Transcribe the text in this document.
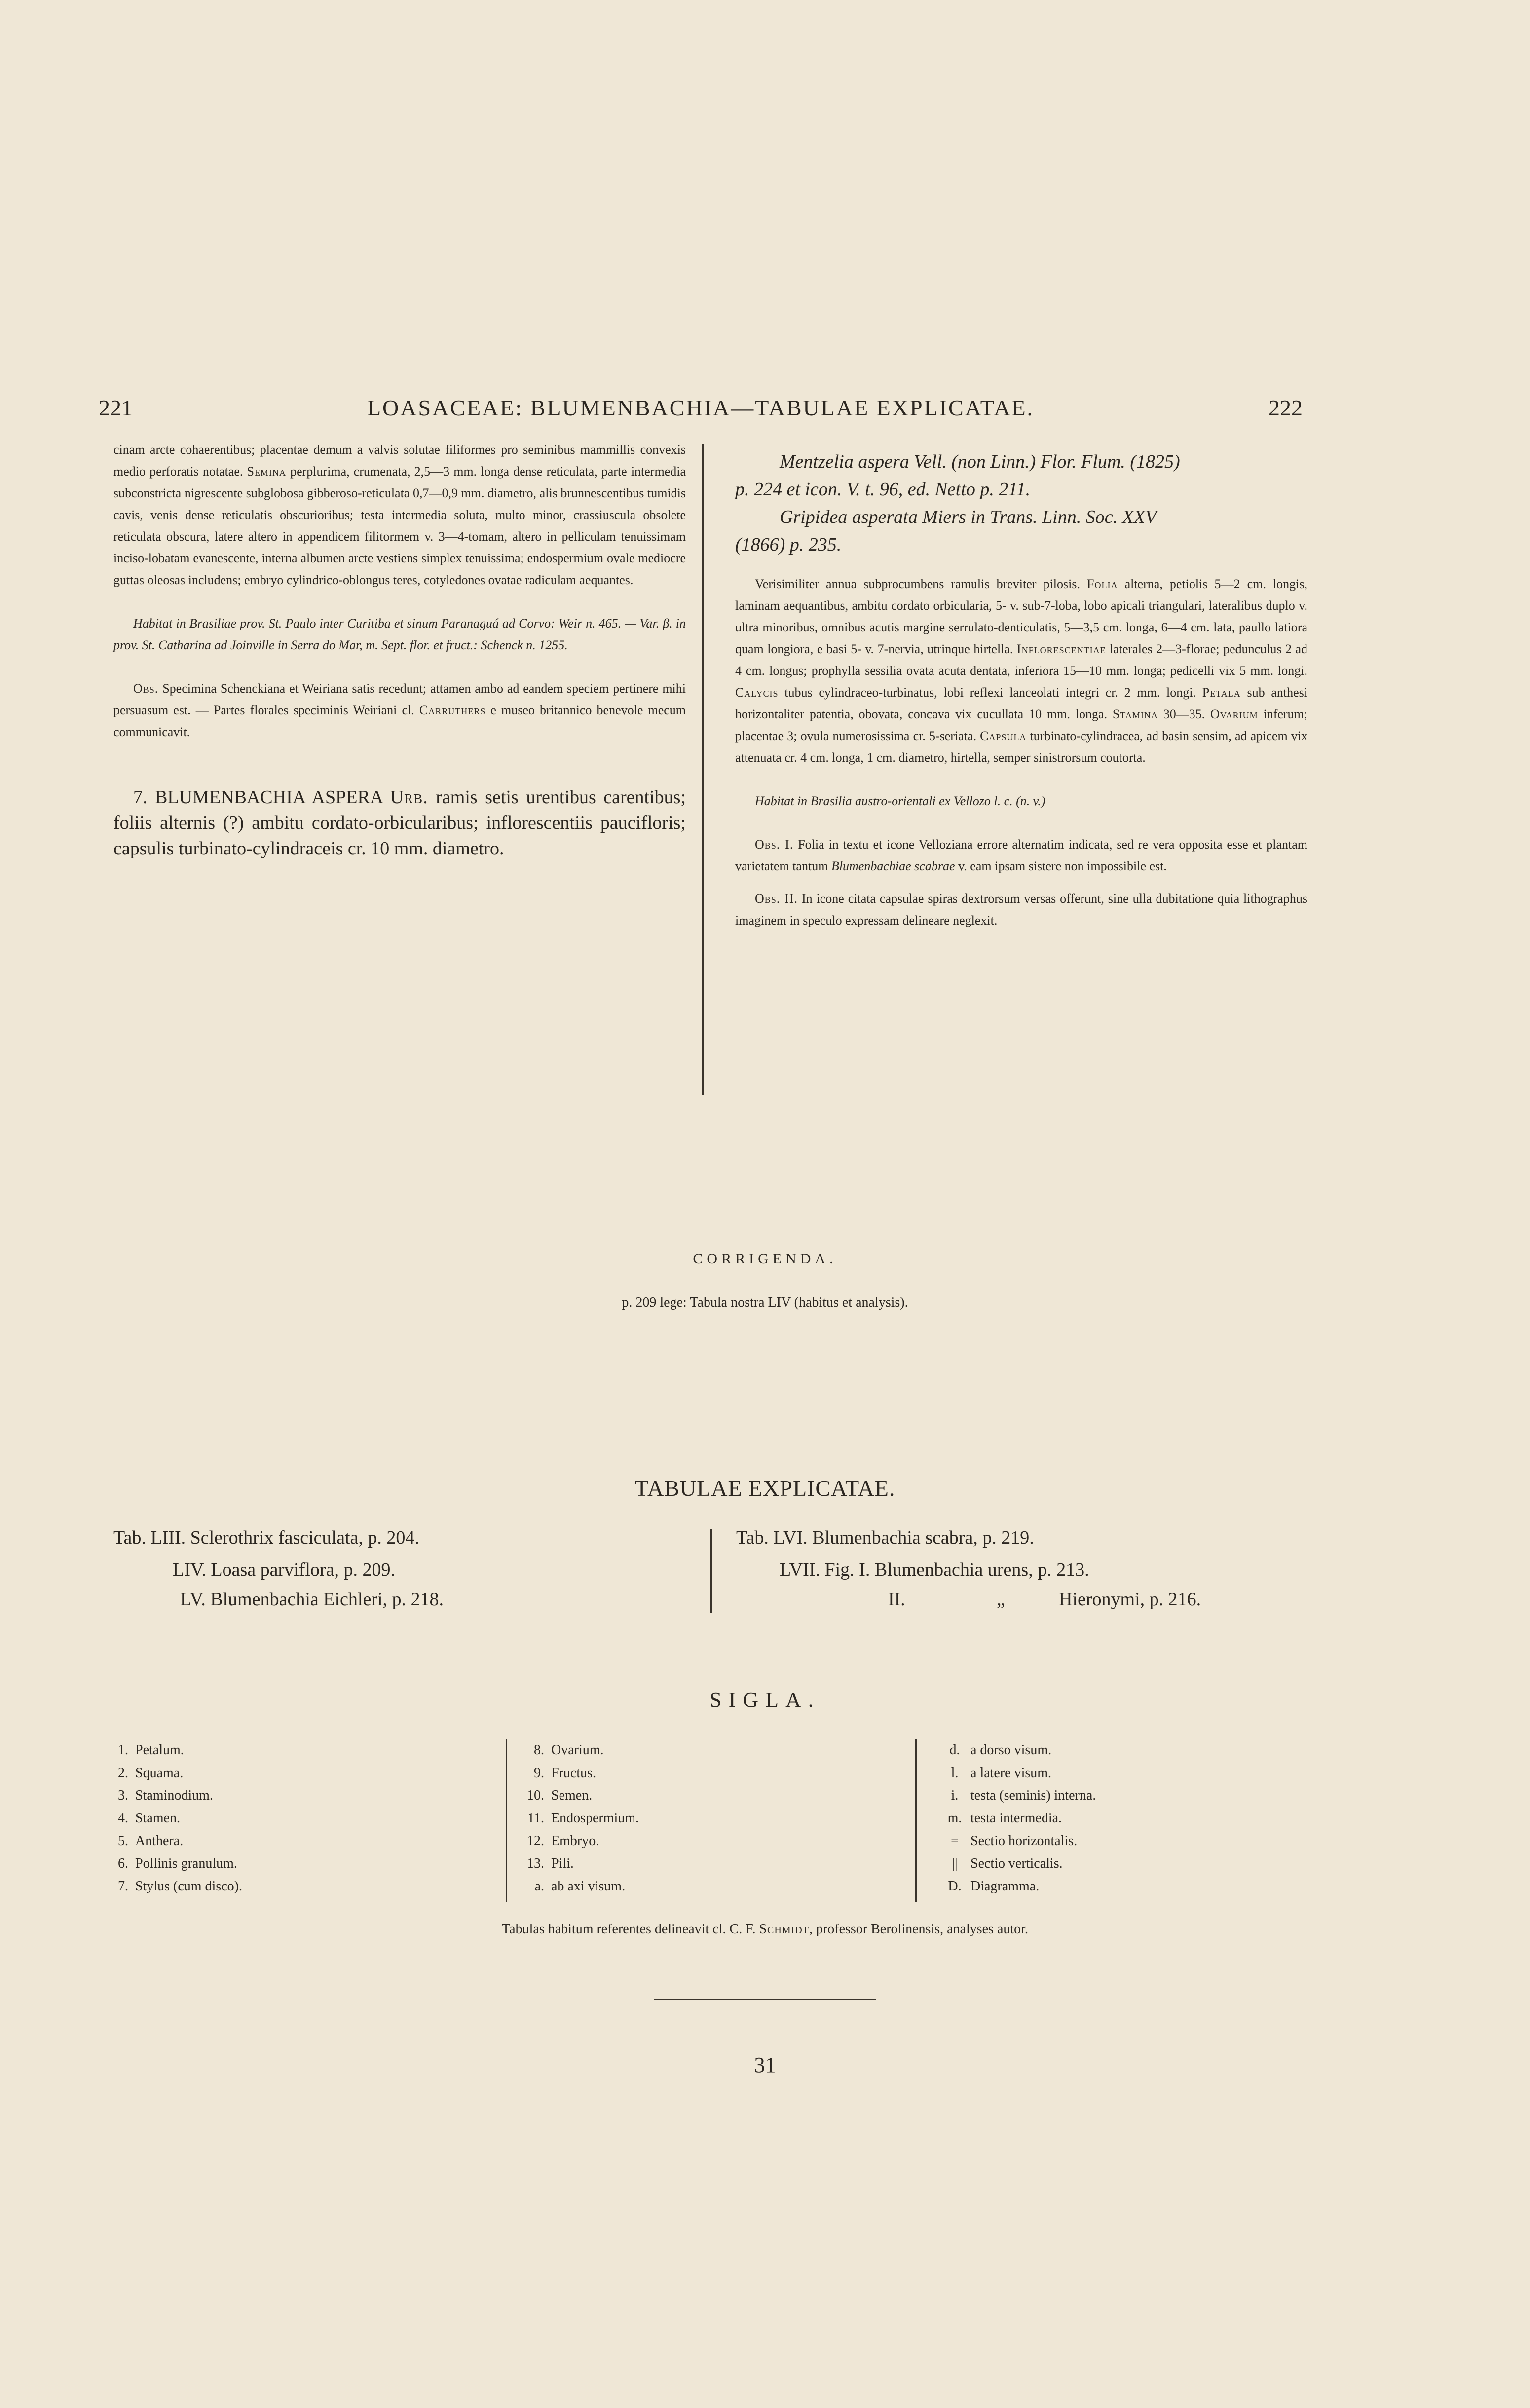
221	LOASACEAE: BLUMENBACHIA—TABULAE EXPLICATAE.	222

cinam arcte cohaerentibus; placentae demum a valvis solutae filiformes pro seminibus mammillis convexis medio perforatis notatae. Semina perplurima, crumenata, 2,5—3 mm. longa dense reticulata, parte intermedia subconstricta nigrescente subglobosa gibberoso-reticulata 0,7—0,9 mm. diametro, alis brunnescentibus tumidis cavis, venis dense reticulatis obscurioribus; testa intermedia soluta, multo minor, crassiuscula obsolete reticulata obscura, latere altero in appendicem filitormem v. 3—4-tomam, altero in pelliculam tenuissimam inciso-lobatam evanescente, interna albumen arcte vestiens simplex tenuissima; endospermium ovale mediocre guttas oleosas includens; embryo cylindrico-oblongus teres, cotyledones ovatae radiculam aequantes.

Habitat in Brasiliae prov. St. Paulo inter Curitiba et sinum Paranaguá ad Corvo: Weir n. 465. — Var. β. in prov. St. Catharina ad Joinville in Serra do Mar, m. Sept. flor. et fruct.: Schenck n. 1255.

Obs. Specimina Schenckiana et Weiriana satis recedunt; attamen ambo ad eandem speciem pertinere mihi persuasum est. — Partes florales speciminis Weiriani cl. Carruthers e museo britannico benevole mecum communicavit.

7. BLUMENBACHIA ASPERA Urb. ramis setis urentibus carentibus; foliis alternis (?) ambitu cordato-orbicularibus; inflorescentiis paucifloris; capsulis turbinato-cylindraceis cr. 10 mm. diametro.

Mentzelia aspera Vell. (non Linn.) Flor. Flum. (1825)
p. 224 et icon. V. t. 96, ed. Netto p. 211.
Gripidea asperata Miers in Trans. Linn. Soc. XXV
(1866) p. 235.

Verisimiliter annua subprocumbens ramulis breviter pilosis. Folia alterna, petiolis 5—2 cm. longis, laminam aequantibus, ambitu cordato orbicularia, 5- v. sub-7-loba, lobo apicali triangulari, lateralibus duplo v. ultra minoribus, omnibus acutis margine serrulato-denticulatis, 5—3,5 cm. longa, 6—4 cm. lata, paullo latiora quam longiora, e basi 5- v. 7-nervia, utrinque hirtella. Inflorescentiae laterales 2—3-florae; pedunculus 2 ad 4 cm. longus; prophylla sessilia ovata acuta dentata, inferiora 15—10 mm. longa; pedicelli vix 5 mm. longi. Calycis tubus cylindraceo-turbinatus, lobi reflexi lanceolati integri cr. 2 mm. longi. Petala sub anthesi horizontaliter patentia, obovata, concava vix cucullata 10 mm. longa. Stamina 30—35. Ovarium inferum; placentae 3; ovula numerosissima cr. 5-seriata. Capsula turbinato-cylindracea, ad basin sensim, ad apicem vix attenuata cr. 4 cm. longa, 1 cm. diametro, hirtella, semper sinistrorsum coutorta.

Habitat in Brasilia austro-orientali ex Vellozo l. c. (n. v.)

Obs. I. Folia in textu et icone Velloziana errore alternatim indicata, sed re vera opposita esse et plantam varietatem tantum Blumenbachiae scabrae v. eam ipsam sistere non impossibile est.

Obs. II. In icone citata capsulae spiras dextrorsum versas offerunt, sine ulla dubitatione quia lithographus imaginem in speculo expressam delineare neglexit.

CORRIGENDA.
p. 209 lege: Tabula nostra LIV (habitus et analysis).
TABULAE EXPLICATAE.
Tab. LIII. Sclerothrix fasciculata, p. 204.
LIV. Loasa parviflora, p. 209.
LV. Blumenbachia Eichleri, p. 218.
Tab. LVI. Blumenbachia scabra, p. 219.
LVII. Fig. I. Blumenbachia urens, p. 213.
II.	„	Hieronymi, p. 216.
SIGLA.
1. Petalum.
2. Squama.
3. Staminodium.
4. Stamen.
5. Anthera.
6. Pollinis granulum.
7. Stylus (cum disco).
8. Ovarium.
9. Fructus.
10. Semen.
11. Endospermium.
12. Embryo.
13. Pili.
a. ab axi visum.
d. a dorso visum.
l. a latere visum.
i. testa (seminis) interna.
m. testa intermedia.
= Sectio horizontalis.
|| Sectio verticalis.
D. Diagramma.
Tabulas habitum referentes delineavit cl. C. F. Schmidt, professor Berolinensis, analyses autor.
31
